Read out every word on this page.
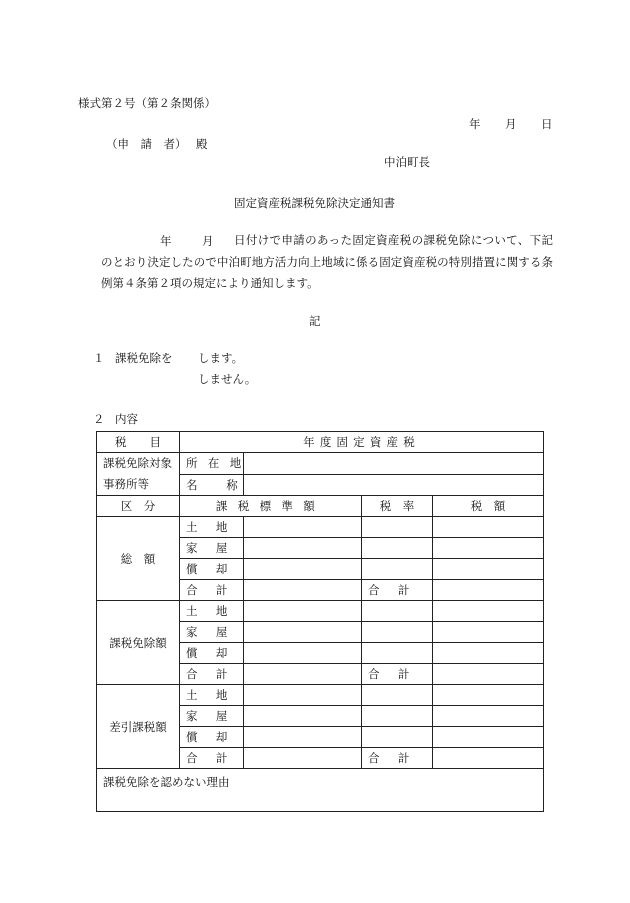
様式第２号（第２条関係）
年 月 日
（申　請　者） 殿
中泊町長
固定資産税課税免除決定通知書
年	月	日付けで申請のあった固定資産税の課税免除について、下記のとおり決定したので中泊町地方活力向上地域に係る固定資産税の特別措置に関する条例第４条第２項の規定により通知します。
記
１ 課税免除を します。
しません。
２ 内容
税　　目	年度固定資産税			
課税免除対象事務所等	所在地			
	名称			
区　分	課税標準額		税　率	税　額
総　額	土地			
	家屋			
	償却			
	合計		合計	
課税免除額	土地			
	家屋			
	償却			
	合計		合計	
差引課税額	土地			
	家屋			
	償却			
	合計		合計	
課税免除を認めない理由				
